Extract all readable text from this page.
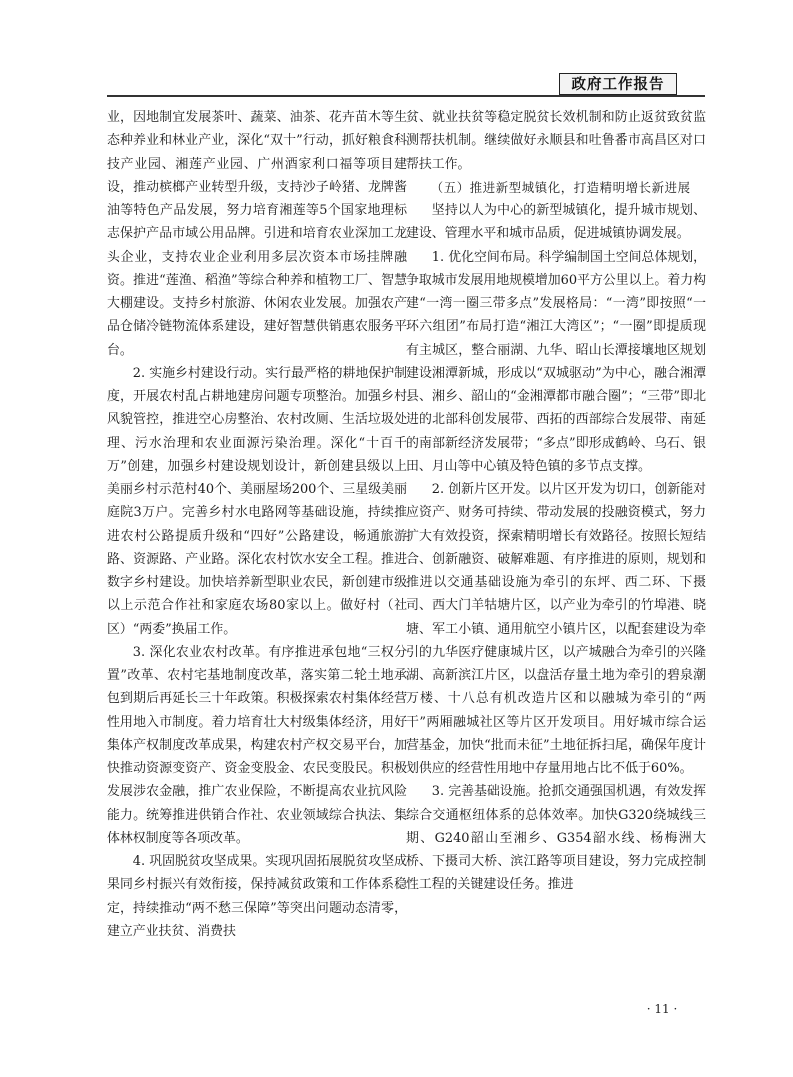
政府工作报告

业，因地制宜发展茶叶、蔬菜、油茶、花卉苗木等生态种养业和林业产业，深化“双十”行动，抓好粮食科技产业园、湘莲产业园、广州酒家利口福等项目建设，推动槟榔产业转型升级，支持沙子岭猪、龙牌酱油等特色产品发展，努力培育湘莲等5个国家地理标志保护产品市域公用品牌。引进和培育农业深加工龙头企业，支持农业企业利用多层次资本市场挂牌融资。推进“莲渔、稻渔”等综合种养和植物工厂、智慧大棚建设。支持乡村旅游、休闲农业发展。加强农产品仓储冷链物流体系建设，建好智慧供销惠农服务平台。

2. 实施乡村建设行动。实行最严格的耕地保护制度，开展农村乱占耕地建房问题专项整治。加强乡村风貌管控，推进空心房整治、农村改厕、生活垃圾处理、污水治理和农业面源污染治理。深化“十百千万”创建，加强乡村建设规划设计，新创建县级以上美丽乡村示范村40个、美丽屋场200个、三星级美丽庭院3万户。完善乡村水电路网等基础设施，持续推进农村公路提质升级和“四好”公路建设，畅通旅游路、资源路、产业路。深化农村饮水安全工程。推进数字乡村建设。加快培养新型职业农民，新创建市级以上示范合作社和家庭农场80家以上。做好村（社区）“两委”换届工作。

3. 深化农业农村改革。有序推进承包地“三权分置”改革、农村宅基地制度改革，落实第二轮土地承包到期后再延长三十年政策。积极探索农村集体经营性用地入市制度。着力培育壮大村级集体经济，用好集体产权制度改革成果，构建农村产权交易平台，加快推动资源变资产、资金变股金、农民变股民。积极发展涉农金融，推广农业保险，不断提高农业抗风险能力。统筹推进供销合作社、农业领域综合执法、集体林权制度等各项改革。

4. 巩固脱贫攻坚成果。实现巩固拓展脱贫攻坚成果同乡村振兴有效衔接，保持减贫政策和工作体系稳定，持续推动“两不愁三保障”等突出问题动态清零，建立产业扶贫、消费扶

贫、就业扶贫等稳定脱贫长效机制和防止返贫致贫监测帮扶机制。继续做好永顺县和吐鲁番市高昌区对口帮扶工作。

（五）推进新型城镇化，打造精明增长新进展

坚持以人为中心的新型城镇化，提升城市规划、建设、管理水平和城市品质，促进城镇协调发展。

1. 优化空间布局。科学编制国土空间总体规划，争取城市发展用地规模增加60平方公里以上。着力构建“一湾一圈三带多点”发展格局：“一湾”即按照“一环六组团”布局打造“湘江大湾区”；“一圈”即提质现有主城区，整合丽湖、九华、昭山长潭接壤地区规划建设湘潭新城，形成以“双城驱动”为中心，融合湘潭县、湘乡、韶山的“金湘潭都市融合圈”；“三带”即北进的北部科创发展带、西拓的西部综合发展带、南延的南部新经济发展带；“多点”即形成鹤岭、乌石、银田、月山等中心镇及特色镇的多节点支撑。

2. 创新片区开发。以片区开发为切口，创新能对应资产、财务可持续、带动发展的投融资模式，努力扩大有效投资，探索精明增长有效路径。按照长短结合、创新融资、破解难题、有序推进的原则，规划和推进以交通基础设施为牵引的东坪、西二环、下摄司、西大门羊牯塘片区，以产业为牵引的竹埠港、晓塘、军工小镇、通用航空小镇片区，以配套建设为牵引的九华医疗健康城片区，以产城融合为牵引的兴隆湖、高新滨江片区，以盘活存量土地为牵引的碧泉潮万楼、十八总有机改造片区和以融城为牵引的“两干”两厢融城社区等片区开发项目。用好城市综合运营基金，加快“批而未征”土地征拆扫尾，确保年度计划供应的经营性用地中存量用地占比不低于60%。

3. 完善基础设施。抢抓交通强国机遇，有效发挥综合交通枢纽体系的总体效率。加快G320绕城线三期、G240韶山至湘乡、G354韶水线、杨梅洲大桥、下摄司大桥、滨江路等项目建设，努力完成控制性工程的关键建设任务。推进

· 11 ·
